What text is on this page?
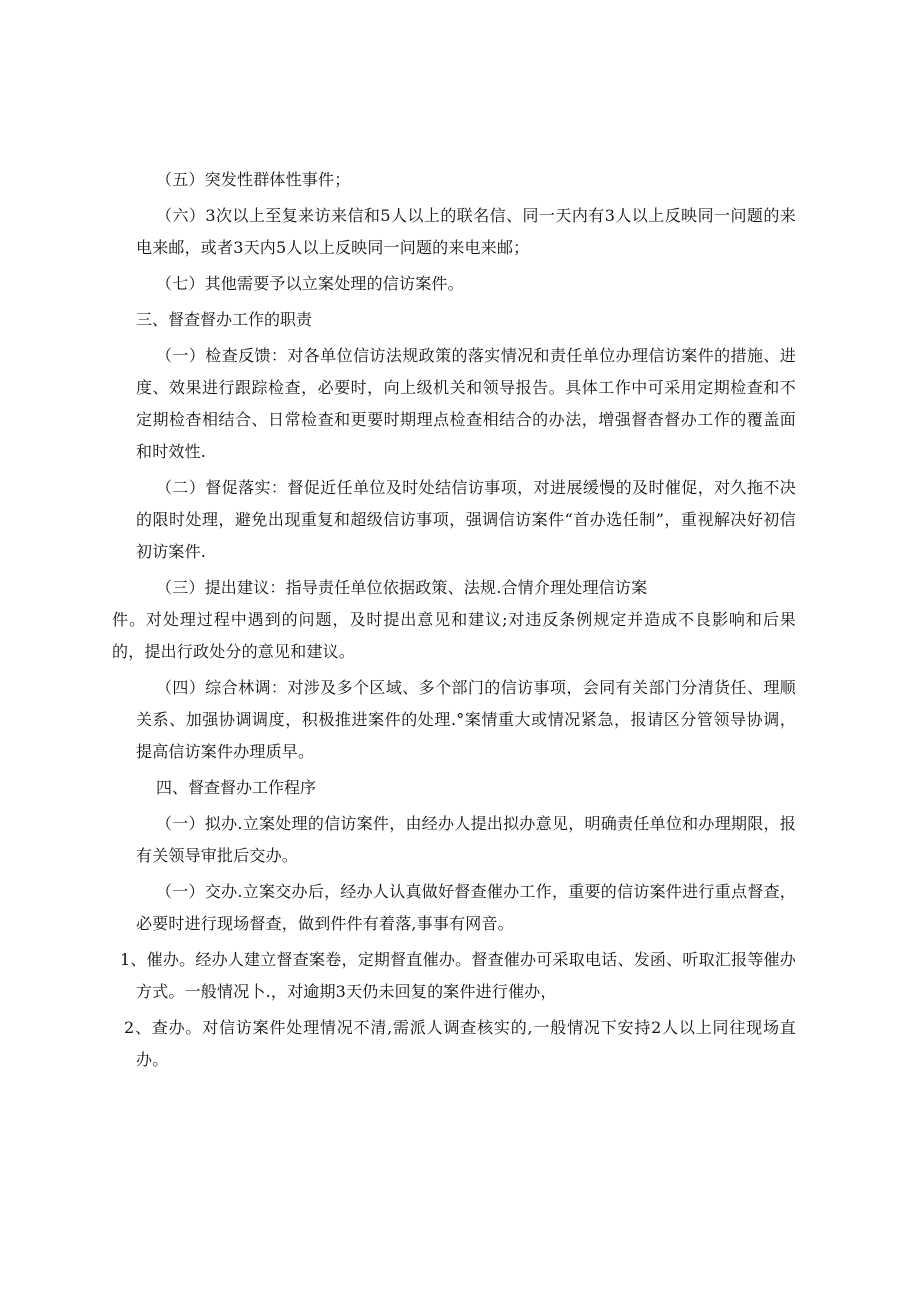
（五）突发性群体性事件；

（六）3次以上至复来访来信和5人以上的联名信、同一天内有3人以上反映同一问题的来电来邮，或者3天内5人以上反映同一问题的来电来邮；

（七）其他需要予以立案处理的信访案件。

三、督查督办工作的职责

（一）检查反馈：对各单位信访法规政策的落实情况和责任单位办理信访案件的措施、进度、效果进行跟踪检查，必要时，向上级机关和领导报告。具体工作中可采用定期检查和不定期检杳相结合、日常检查和更要时期理点检查相结合的办法，增强督杳督办工作的覆盖面和时效性.

（二）督促落实：督促近任单位及时处结信访事项，对进展缓慢的及时催促，对久拖不决的限时处理，避免出现重复和超级信访事项，强调信访案件“首办选任制”，重视解决好初信初访案件.

（三）提出建议：指导责任单位依据政策、法规.合情介理处理信访案

件。对处理过程中遇到的问题，及时提出意见和建议;对违反条例规定并造成不良影响和后果的，提出行政处分的意见和建议。

（四）综合林调：对涉及多个区域、多个部门的信访事项，会同有关部门分清货任、理顺关系、加强协调调度，积极推进案件的处理.°案情重大或情况紧急，报请区分管领导协调，提高信访案件办理质早。

四、督查督办工作程序

（一）拟办.立案处理的信访案件，由经办人提出拟办意见，明确责任单位和办理期限，报有关领导审批后交办。

（一）交办.立案交办后，经办人认真做好督查催办工作，重要的信访案件进行重点督查，必要时进行现场督查，做到件件有着落,事事有网音。

1、催办。经办人建立督查案卷，定期督直催办。督查催办可采取电话、发函、听取汇报等催办方式。一般情况卜.，对逾期3天仍未回复的案件进行催办，

2、查办。对信访案件处理情况不清,需派人调查核实的,一般情况下安持2人以上同往现场直办。
